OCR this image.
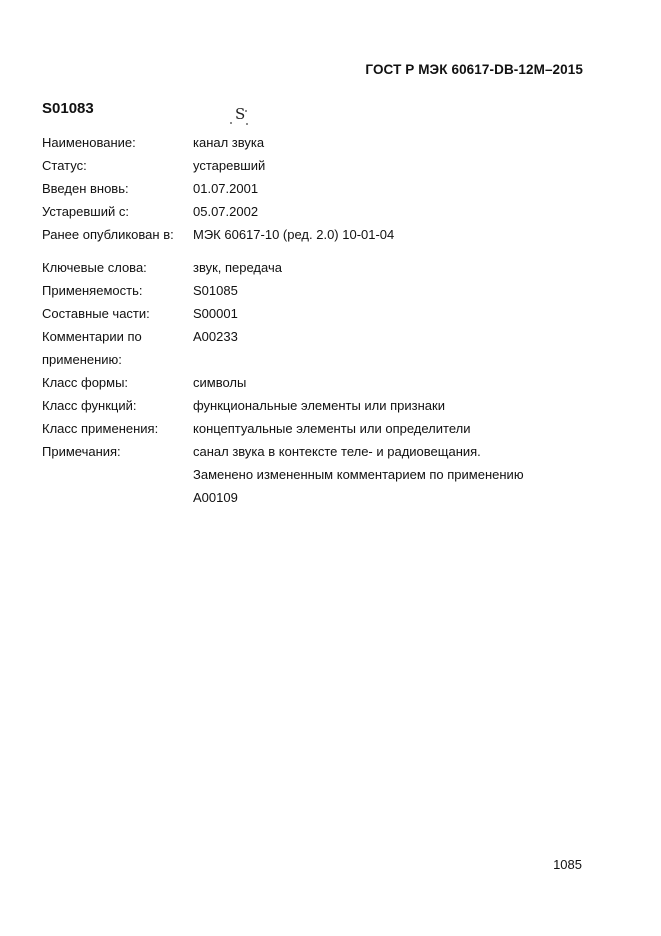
ГОСТ Р МЭК 60617-DB-12M–2015
S01083	S
Наименование:	канал звука
Статус:	устаревший
Введен вновь:	01.07.2001
Устаревший с:	05.07.2002
Ранее опубликован в:	МЭК 60617-10 (ред. 2.0) 10-01-04
Ключевые слова:	звук, передача
Применяемость:	S01085
Составные части:	S00001
Комментарии по	A00233
применению:
Класс формы:	символы
Класс функций:	функциональные элементы или признаки
Класс применения:	концептуальные элементы или определители
Примечания:	санал звука в контексте теле- и радиовещания.
Заменено измененным комментарием по применению
A00109
1085
